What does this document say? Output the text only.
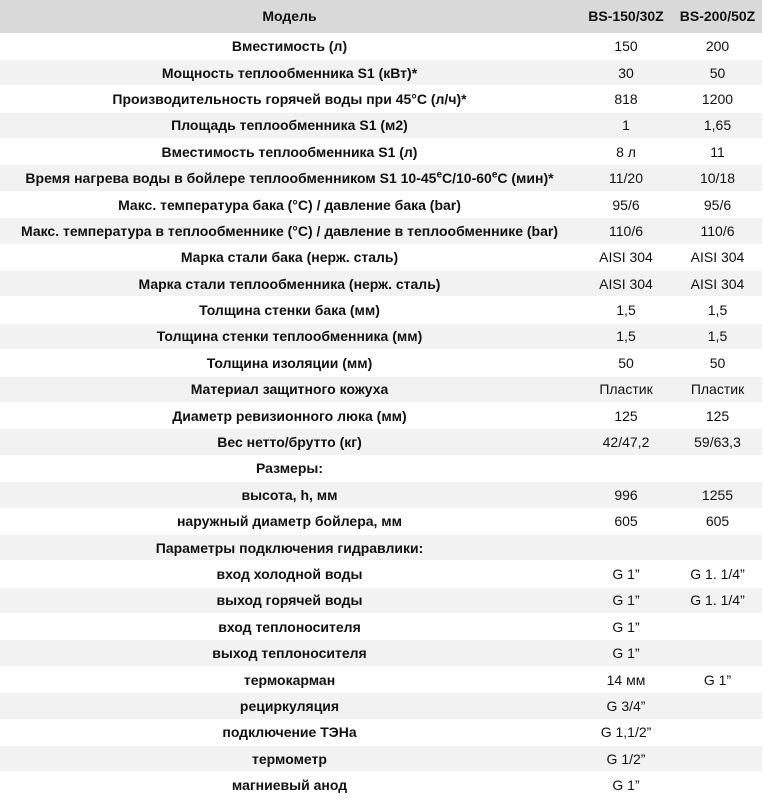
Модель	BS-150/30Z	BS-200/50Z
Вместимость (л)	150	200
Мощность теплообменника S1 (кВт)*	30	50
Производительность горячей воды при 45°С (л/ч)*	818	1200
Площадь теплообменника S1 (м2)	1	1,65
Вместимость теплообменника S1 (л)	8 л	11
Время нагрева воды в бойлере теплообменником S1 $10-45^еС/10-60^еС$ (мин)*	11/20	10/18
Макс. температура бака (°С) / давление бака (bar)	95/6	95/6
Макс. температура в теплообменнике (°С) / давление в теплообменнике (bar)	110/6	110/6
Марка стали бака (нерж. сталь)	AISI 304	AISI 304
Марка стали теплообменника (нерж. сталь)	AISI 304	AISI 304
Толщина стенки бака (мм)	1,5	1,5
Толщина стенки теплообменника (мм)	1,5	1,5
Толщина изоляции (мм)	50	50
Материал защитного кожуха	Пластик	Пластик
Диаметр ревизионного люка (мм)	125	125
Вес нетто/брутто (кг)	42/47,2	59/63,3
Размеры:		
высота, h, мм	996	1255
наружный диаметр бойлера, мм	605	605
Параметры подключения гидравлики:		
вход холодной воды	G 1”	G 1. 1/4”
выход горячей воды	G 1”	G 1. 1/4”
вход теплоносителя	G 1”	
выход теплоносителя	G 1”	
термокарман	14 мм	G 1”
рециркуляция	G 3/4”	
подключение ТЭНа	G 1,1/2”	
термометр	G 1/2”	
магниевый анод	G 1”	
